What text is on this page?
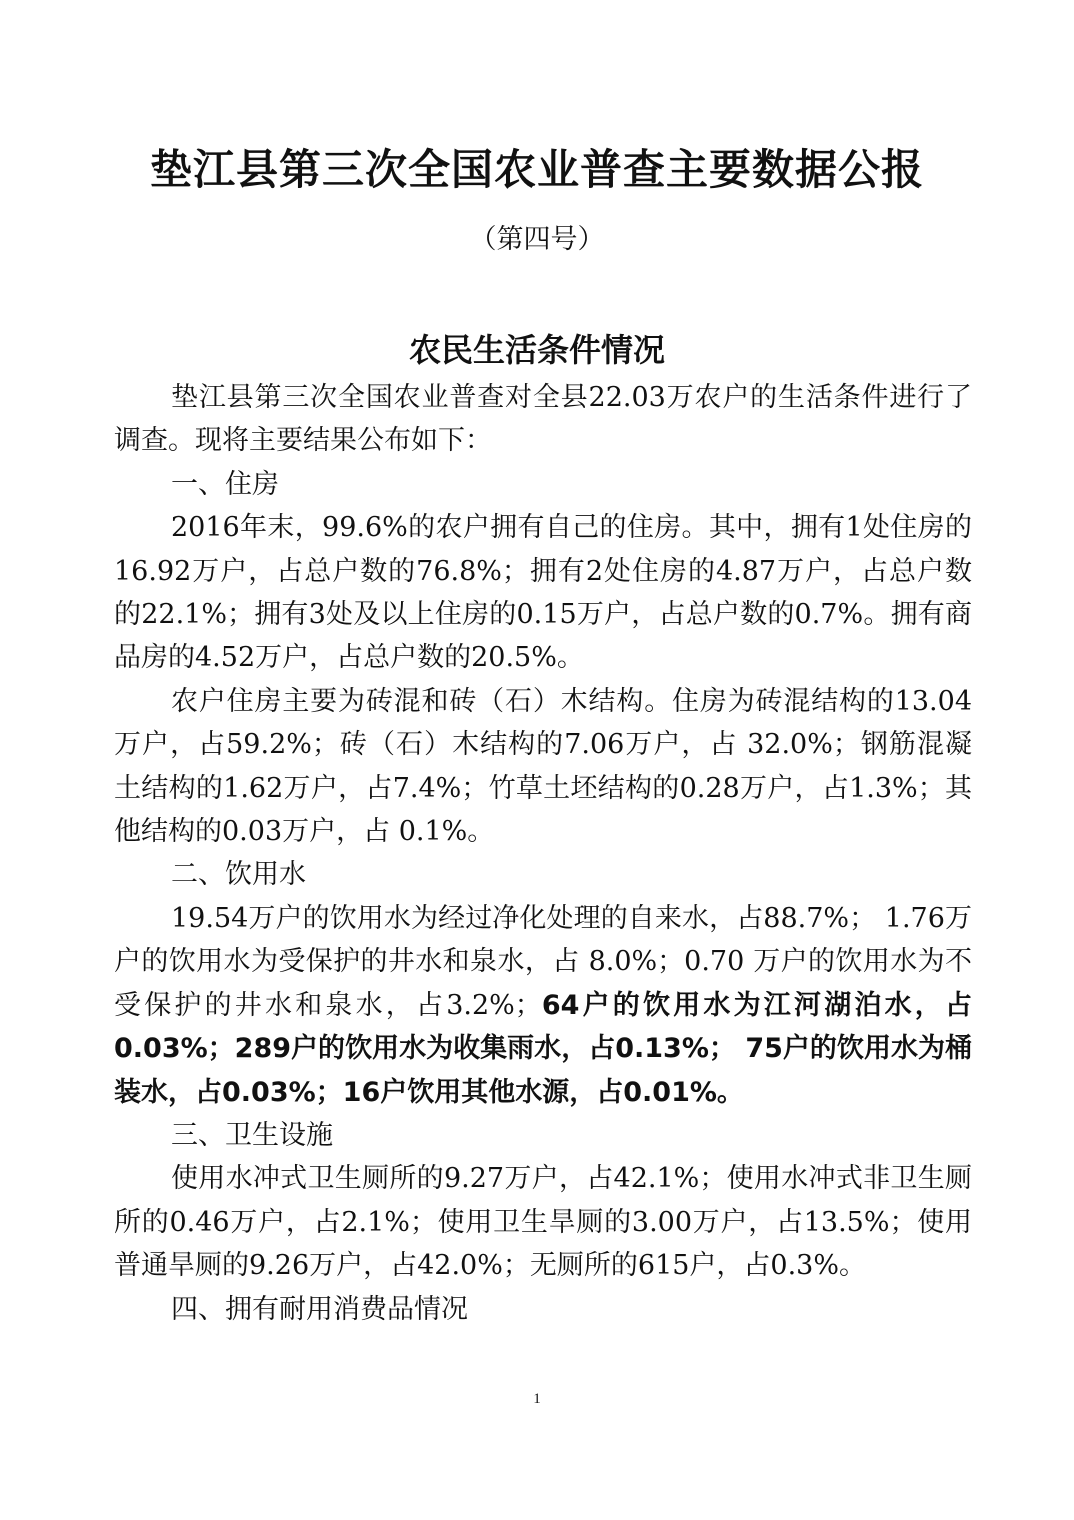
垫江县第三次全国农业普查主要数据公报
（第四号）
农民生活条件情况

垫江县第三次全国农业普查对全县22.03万农户的生活条件进行了调查。现将主要结果公布如下：

一、住房

2016年末，99.6%的农户拥有自己的住房。其中，拥有1处住房的16.92万户，占总户数的76.8%；拥有2处住房的4.87万户，占总户数的22.1%；拥有3处及以上住房的0.15万户，占总户数的0.7%。拥有商品房的4.52万户，占总户数的20.5%。

农户住房主要为砖混和砖（石）木结构。住房为砖混结构的13.04万户，占59.2%；砖（石）木结构的7.06万户，占 32.0%；钢筋混凝土结构的1.62万户，占7.4%；竹草土坯结构的0.28万户，占1.3%；其他结构的0.03万户，占 0.1%。

二、饮用水

19.54万户的饮用水为经过净化处理的自来水，占88.7%； 1.76万户的饮用水为受保护的井水和泉水，占 8.0%；0.70 万户的饮用水为不受保护的井水和泉水，占3.2%；64户的饮用水为江河湖泊水，占0.03%；289户的饮用水为收集雨水，占0.13%； 75户的饮用水为桶装水，占0.03%；16户饮用其他水源，占0.01%。

三、卫生设施

使用水冲式卫生厕所的9.27万户，占42.1%；使用水冲式非卫生厕所的0.46万户，占2.1%；使用卫生旱厕的3.00万户，占13.5%；使用普通旱厕的9.26万户，占42.0%；无厕所的615户，占0.3%。

四、拥有耐用消费品情况

1
